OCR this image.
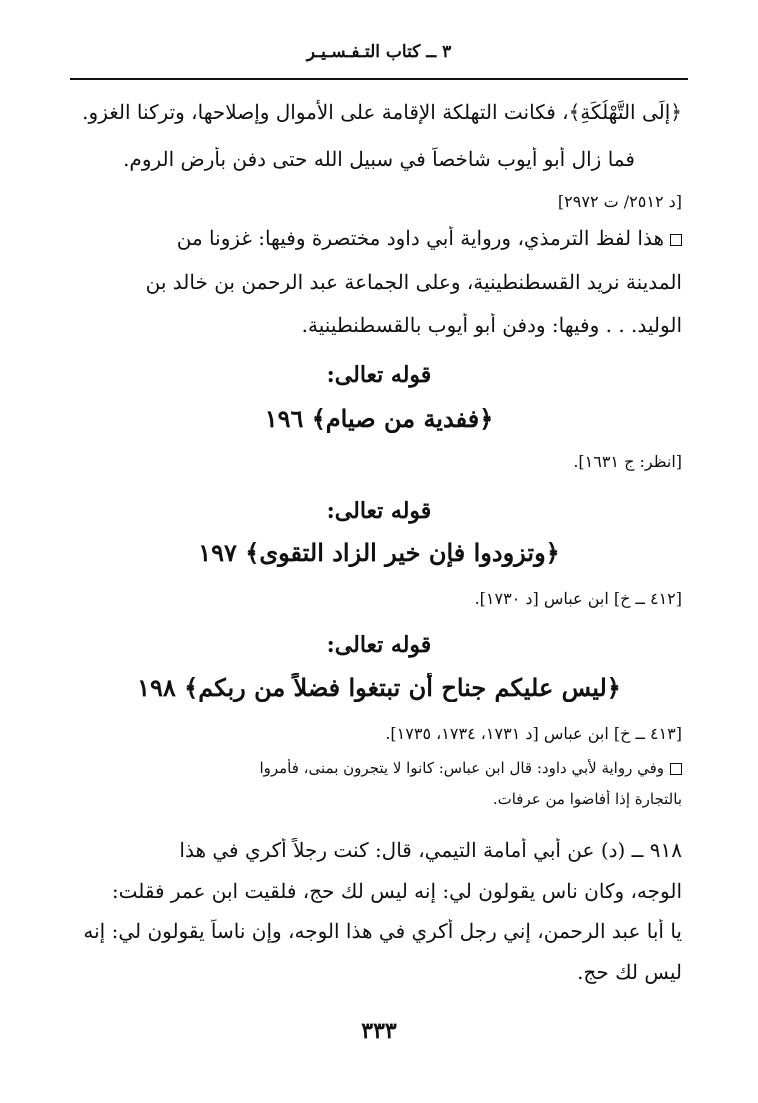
٣ ــ كتاب التـفـسـيـر
﴿إِلَى التَّهْلُكَةِ﴾، فكانت التهلكة الإقامة على الأموال وإصلاحها، وتركنا الغزو.
فما زال أبو أيوب شاخصاً في سبيل الله حتى دفن بأرض الروم.
[د ٢٥١٢/ ت ٢٩٧٢]
هذا لفظ الترمذي، ورواية أبي داود مختصرة وفيها: غزونا من
المدينة نريد القسطنطينية، وعلى الجماعة عبد الرحمن بن خالد بن
الوليد. . . وفيها: ودفن أبو أيوب بالقسطنطينية.
قوله تعالى:
﴿ففدية من صيام﴾ ١٩٦
[انظر: ج ١٦٣١].
قوله تعالى:
﴿وتزودوا فإن خير الزاد التقوى﴾ ١٩٧
[٤١٢ ــ خ] ابن عباس [د ١٧٣٠].
قوله تعالى:
﴿ليس عليكم جناح أن تبتغوا فضلاً من ربكم﴾ ١٩٨
[٤١٣ ــ خ] ابن عباس [د ١٧٣١، ١٧٣٤، ١٧٣٥].
وفي رواية لأبي داود: قال ابن عباس: كانوا لا يتجرون بمنى، فأمروا
بالتجارة إذا أفاضوا من عرفات.
٩١٨ ــ (د) عن أبي أمامة التيمي، قال: كنت رجلاً أكري في هذا
الوجه، وكان ناس يقولون لي: إنه ليس لك حج، فلقيت ابن عمر فقلت:
يا أبا عبد الرحمن، إني رجل أكري في هذا الوجه، وإن ناساً يقولون لي: إنه
ليس لك حج.
٣٣٣
